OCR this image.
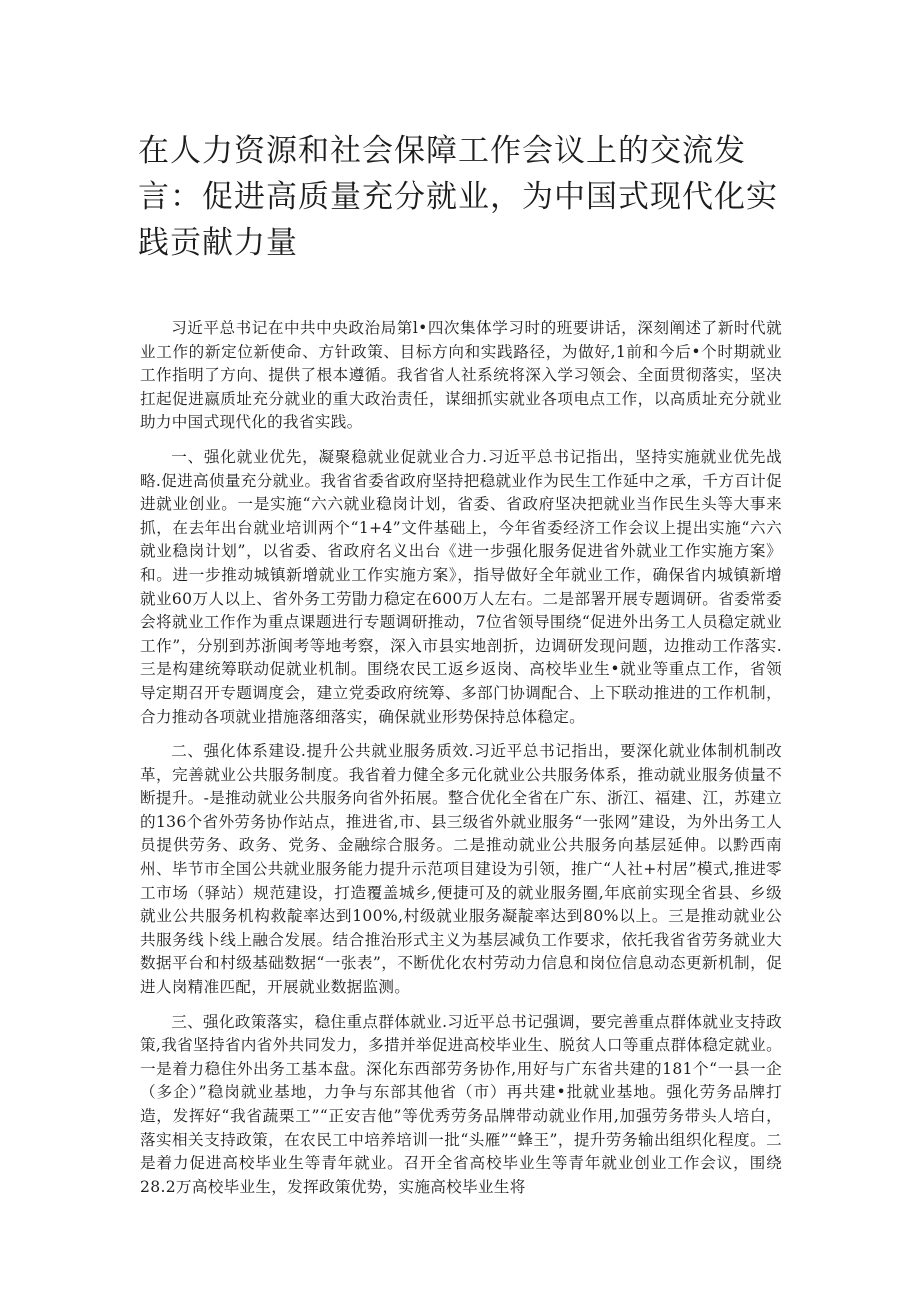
在人力资源和社会保障工作会议上的交流发言：促进高质量充分就业，为中国式现代化实践贡献力量

习近平总书记在中共中央政治局第l•四次集体学习时的班要讲话，深刻阐述了新时代就业工作的新定位新使命、方针政策、目标方向和实践路径，为做好,1前和今后•个时期就业工作指明了方向、提供了根本遵循。我省省人社系统将深入学习领会、全面贯彻落实，坚决扛起促进嬴质址充分就业的重大政治责任，谋细抓实就业各项电点工作，以高质址充分就业助力中国式现代化的我省实践。

一、强化就业优先，凝聚稳就业促就业合力.习近平总书记指出，坚持实施就业优先战略.促进高侦量充分就业。我省省委省政府坚持把稳就业作为民生工作延中之承，千方百计促进就业创业。一是实施“六六就业稳岗计划，省委、省政府坚决把就业当作民生头等大事来抓，在去年出台就业培训两个“1+4”文件基础上，今年省委经济工作会议上提出实施“六六就业稳岗计划”，以省委、省政府名义出台《进一步强化服务促进省外就业工作实施方案》和。进一步推动城镇新增就业工作实施方案》，指导做好全年就业工作，确保省内城镇新增就业60万人以上、省外务工劳勖力稳定在600万人左右。二是部署开展专题调研。省委常委会将就业工作作为重点课题进行专题调研推动，7位省领导围绕“促进外出务工人员稳定就业工作”，分别到苏浙闽考等地考察，深入市县实地剖折，边调研发现问题，边推动工作落实.三是构建统筹联动促就业机制。围绕农民工返乡返岗、高校毕业生•就业等重点工作，省领导定期召开专题调度会，建立党委政府统筹、多部门协调配合、上下联动推进的工作机制，合力推动各项就业措施落细落实，确保就业形势保持总体稳定。

二、强化体系建设.提升公共就业服务质效.习近平总书记指出，要深化就业体制机制改革，完善就业公共服务制度。我省着力健全多元化就业公共服务体系，推动就业服务侦量不断提升。-是推动就业公共服务向省外拓展。整合优化全省在广东、浙江、福建、江，苏建立的136个省外劳务协作站点，推进省,市、县三级省外就业服务“一张网”建设，为外出务工人员提供劳务、政务、党务、金融综合服务。二是推动就业公共服务向基层延伸。以黔西南州、毕节市全国公共就业服务能力提升示范项目建设为引领，推广“人社+村居”模式,推进零工市场（驿站）规范建设，打造覆盖城乡,便捷可及的就业服务圈,年底前实现全省县、乡级就业公共服务机构救靛率达到100%,村级就业服务凝靛率达到80%以上。三是推动就业公共服务线卜线上融合发展。结合推治形式主义为基层减负工作要求，依托我省省劳务就业大数据平台和村级基础数据“一张表”，不断优化农村劳动力信息和岗位信息动态更新机制，促进人岗精准匹配，开展就业数据监测。

三、强化政策落实，稳住重点群体就业.习近平总书记强调，要完善重点群体就业支持政策,我省坚持省内省外共同发力，多措并举促进高校毕业生、脱贫人口等重点群体稳定就业。一是着力稳住外出务工基本盘。深化东西部劳务协作,用好与广东省共建的181个“一县一企（多企）”稳岗就业基地，力争与东部其他省（市）再共建•批就业基地。强化劳务品牌打造，发挥好“我省蔬栗工”“正安吉他”等优秀劳务品牌带动就业作用,加强劳务带头人培白，落实相关支持政策，在农民工中培养培训一批“头雁”“蜂王”，提升劳务输出组织化程度。二是着力促进高校毕业生等青年就业。召开全省高校毕业生等青年就业创业工作会议，围绕28.2万高校毕业生，发挥政策优势，实施高校毕业生将
